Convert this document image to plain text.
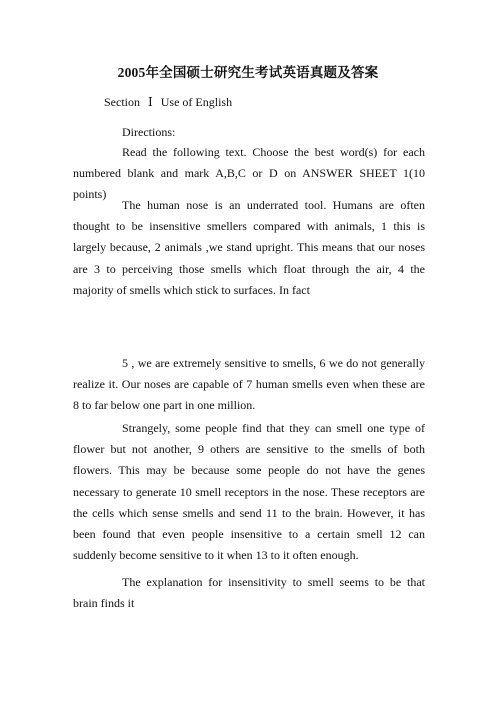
2005年全国硕士研究生考试英语真题及答案
Section Ⅰ Use of English
Directions:

Read the following text. Choose the best word(s) for each numbered blank and mark A,B,C or D on ANSWER SHEET 1(10 points)

The human nose is an underrated tool. Humans are often thought to be insensitive smellers compared with animals, 1 this is largely because, 2 animals ,we stand upright. This means that our noses are 3 to perceiving those smells which float through the air, 4 the majority of smells which stick to surfaces. In fact

5 , we are extremely sensitive to smells, 6 we do not generally realize it. Our noses are capable of 7 human smells even when these are 8 to far below one part in one million.

Strangely, some people find that they can smell one type of flower but not another, 9 others are sensitive to the smells of both flowers. This may be because some people do not have the genes necessary to generate 10 smell receptors in the nose. These receptors are the cells which sense smells and send 11 to the brain. However, it has been found that even people insensitive to a certain smell 12 can suddenly become sensitive to it when 13 to it often enough.

The explanation for insensitivity to smell seems to be that brain finds it
